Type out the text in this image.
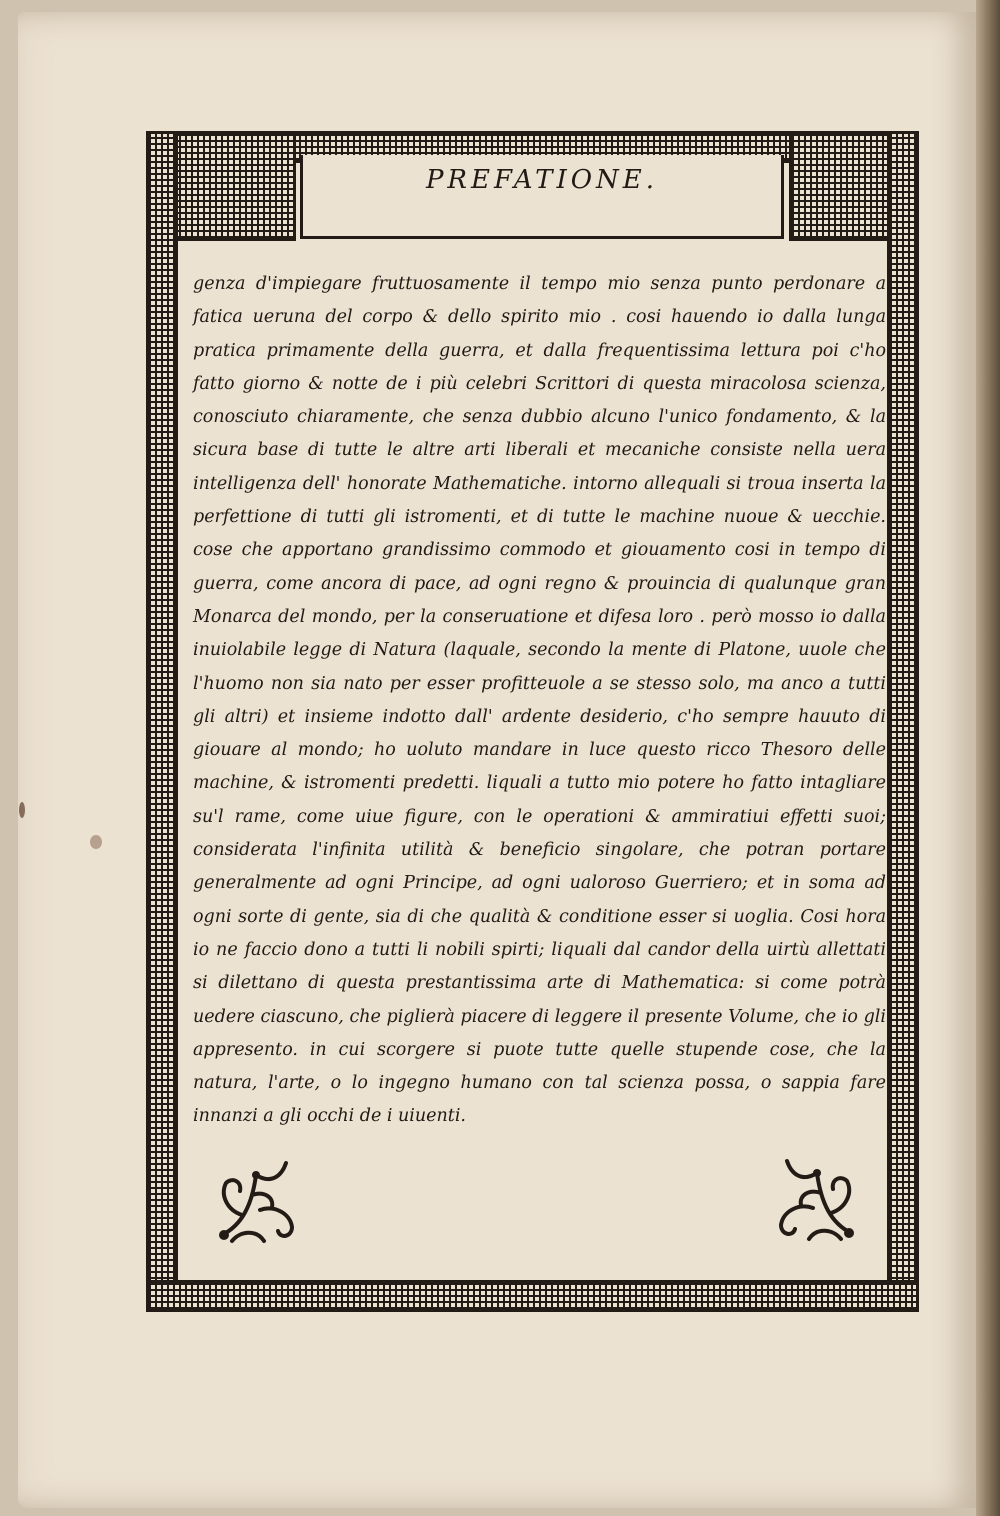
PREFATIONE.

genza d'impiegare fruttuosamente il tempo mio senza punto perdonare a fatica ueruna del corpo & dello spirito mio . cosi hauendo io dalla lunga pratica primamente della guerra, et dalla frequentissima lettura poi c'ho fatto giorno & notte de i più celebri Scrittori di questa miracolosa scienza, conosciuto chiaramente, che senza dubbio alcuno l'unico fondamento, & la sicura base di tutte le altre arti liberali et mecaniche consiste nella uera intelligenza dell' honorate Mathematiche. intorno allequali si troua inserta la perfettione di tutti gli istromenti, et di tutte le machine nuoue & uecchie. cose che apportano grandissimo commodo et giouamento cosi in tempo di guerra, come ancora di pace, ad ogni regno & prouincia di qualunque gran Monarca del mondo, per la conseruatione et difesa loro . però mosso io dalla inuiolabile legge di Natura (laquale, secondo la mente di Platone, uuole che l'huomo non sia nato per esser profitteuole a se stesso solo, ma anco a tutti gli altri) et insieme indotto dall' ardente desiderio, c'ho sempre hauuto di giouare al mondo; ho uoluto mandare in luce questo ricco Thesoro delle machine, & istromenti predetti. liquali a tutto mio potere ho fatto intagliare su'l rame, come uiue figure, con le operationi & ammiratiui effetti suoi; considerata l'infinita utilità & beneficio singolare, che potran portare generalmente ad ogni Principe, ad ogni ualoroso Guerriero; et in soma ad ogni sorte di gente, sia di che qualità & conditione esser si uoglia. Cosi hora io ne faccio dono a tutti li nobili spirti; liquali dal candor della uirtù allettati si dilettano di questa prestantissima arte di Mathematica: si come potrà uedere ciascuno, che piglierà piacere di leggere il presente Volume, che io gli appresento. in cui scorgere si puote tutte quelle stupende cose, che la natura, l'arte, o lo ingegno humano con tal scienza possa, o sappia fare innanzi a gli occhi de i uiuenti.
